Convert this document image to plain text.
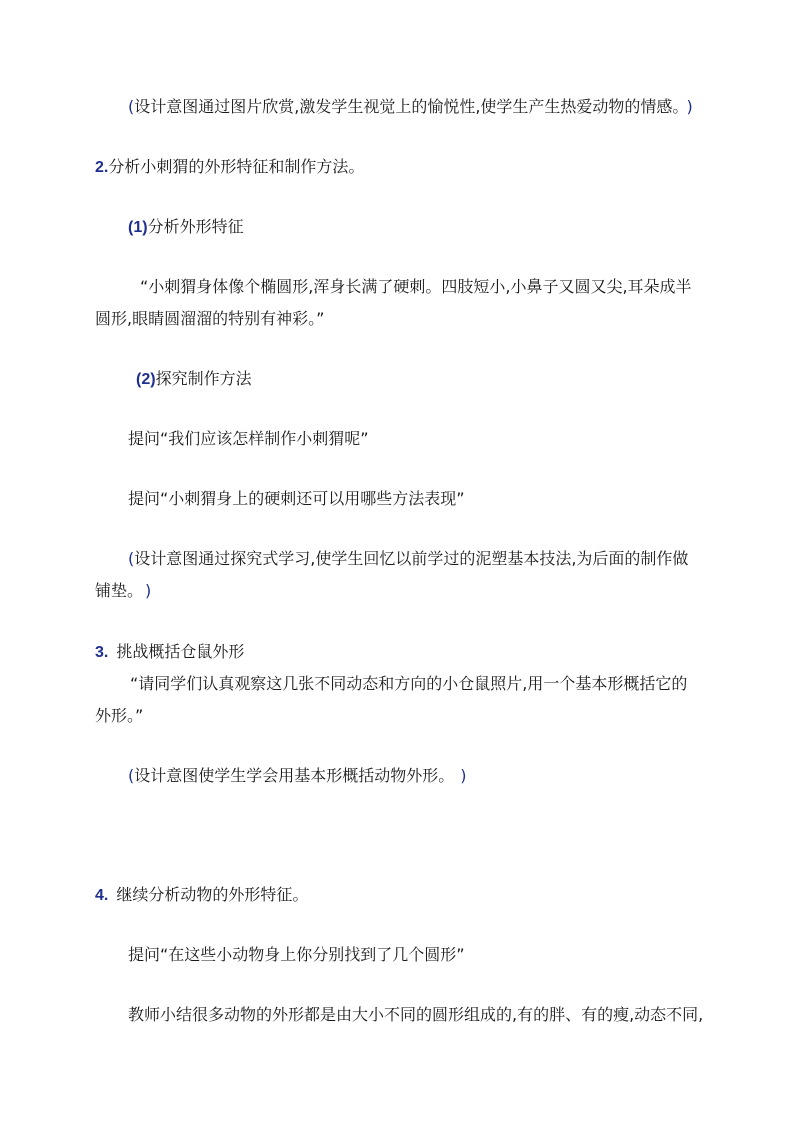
(设计意图通过图片欣赏,激发学生视觉上的愉悦性,使学生产生热爱动物的情感。 )
2.分析小刺猬的外形特征和制作方法。
(1)分析外形特征
“小刺猬身体像个椭圆形,浑身长满了硬刺。四肢短小,小鼻子又圆又尖,耳朵成半
圆形,眼睛圆溜溜的特别有神彩。”
(2)探究制作方法
提问“我们应该怎样制作小刺猬呢”
提问“小刺猬身上的硬刺还可以用哪些方法表现”
(设计意图通过探究式学习,使学生回忆以前学过的泥塑基本技法,为后面的制作做
铺垫。 )
3. 挑战概括仓鼠外形
“请同学们认真观察这几张不同动态和方向的小仓鼠照片,用一个基本形概括它的
外形。”
(设计意图使学生学会用基本形概括动物外形。 )
4. 继续分析动物的外形特征。
提问“在这些小动物身上你分别找到了几个圆形”
教师小结很多动物的外形都是由大小不同的圆形组成的,有的胖、有的瘦,动态不同,
